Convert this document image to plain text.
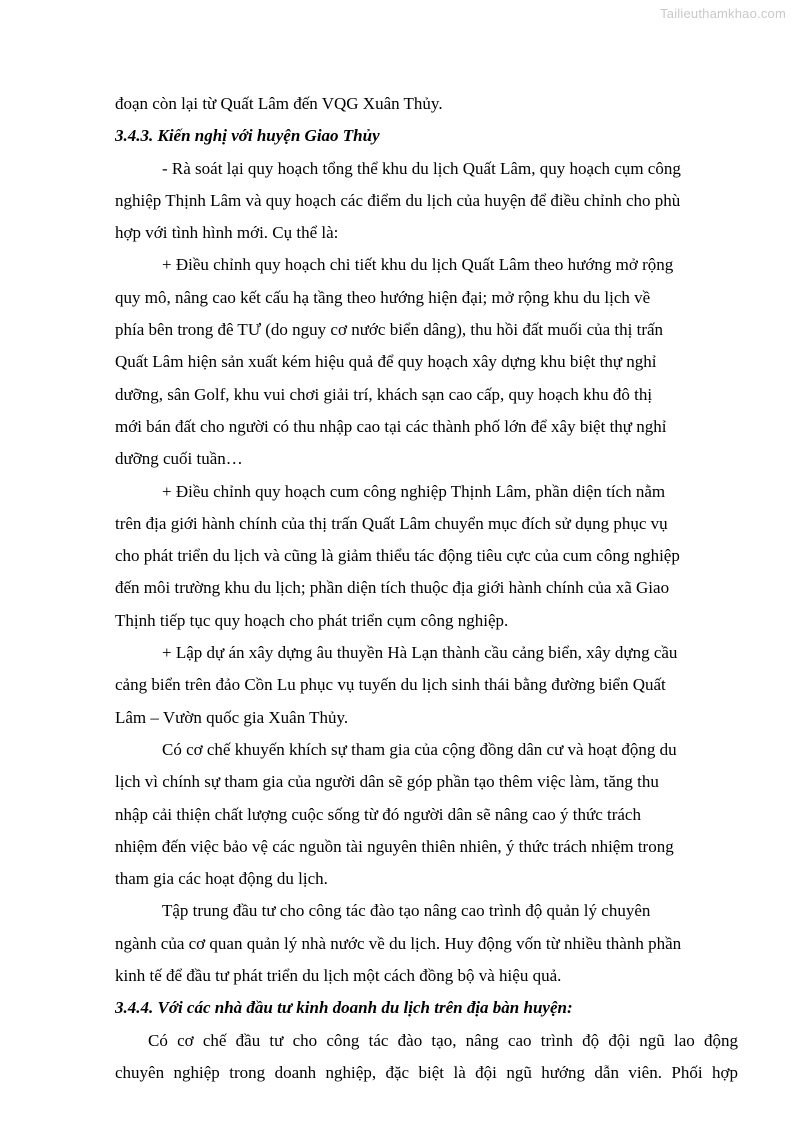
Tailieuthamkhao.com
đoạn còn lại từ Quất Lâm đến VQG Xuân Thủy.
3.4.3. Kiến nghị với huyện Giao Thủy
- Rà soát lại quy hoạch tổng thể khu du lịch Quất Lâm, quy hoạch cụm công
nghiệp Thịnh Lâm và quy hoạch các điểm du lịch của huyện để điều chỉnh cho phù
hợp với tình hình mới. Cụ thể là:
+ Điều chỉnh quy hoạch chi tiết khu du lịch Quất Lâm theo hướng mở rộng
quy mô, nâng cao kết cấu hạ tầng theo hướng hiện đại; mở rộng khu du lịch về
phía bên trong đê TƯ (do nguy cơ nước biển dâng), thu hồi đất muối của thị trấn
Quất Lâm hiện sản xuất kém hiệu quả để quy hoạch xây dựng khu biệt thự nghỉ
dưỡng, sân Golf, khu vui chơi giải trí, khách sạn cao cấp, quy hoạch khu đô thị
mới bán đất cho người có thu nhập cao tại các thành phố lớn để xây biệt thự nghỉ
dưỡng cuối tuần…
+ Điều chỉnh quy hoạch cum công nghiệp Thịnh Lâm, phần diện tích nằm
trên địa giới hành chính của thị trấn Quất Lâm chuyển mục đích sử dụng phục vụ
cho phát triển du lịch và cũng là giảm thiểu tác động tiêu cực của cum công nghiệp
đến môi trường khu du lịch; phần diện tích thuộc địa giới hành chính của xã Giao
Thịnh tiếp tục quy hoạch cho phát triển cụm công nghiệp.
+ Lập dự án xây dựng âu thuyền Hà Lạn thành cầu cảng biển, xây dựng cầu
cảng biển trên đảo Cồn Lu phục vụ tuyến du lịch sinh thái bằng đường biển Quất
Lâm – Vườn quốc gia Xuân Thủy.
Có cơ chế khuyến khích sự tham gia của cộng đồng dân cư và hoạt động du
lịch vì chính sự tham gia của người dân sẽ góp phần tạo thêm việc làm, tăng thu
nhập cải thiện chất lượng cuộc sống từ đó người dân sẽ nâng cao ý thức trách
nhiệm đến việc bảo vệ các nguồn tài nguyên thiên nhiên, ý thức trách nhiệm trong
tham gia các hoạt động du lịch.
Tập trung đầu tư cho công tác đào tạo nâng cao trình độ quản lý chuyên
ngành của cơ quan quản lý nhà nước về du lịch. Huy động vốn từ nhiều thành phần
kinh tế để đầu tư phát triển du lịch một cách đồng bộ và hiệu quả.
3.4.4. Với các nhà đầu tư kinh doanh du lịch trên địa bàn huyện:
Có cơ chế đầu tư cho công tác đào tạo, nâng cao trình độ đội ngũ lao động
chuyên nghiệp trong doanh nghiệp, đặc biệt là đội ngũ hướng dẫn viên. Phối hợp
